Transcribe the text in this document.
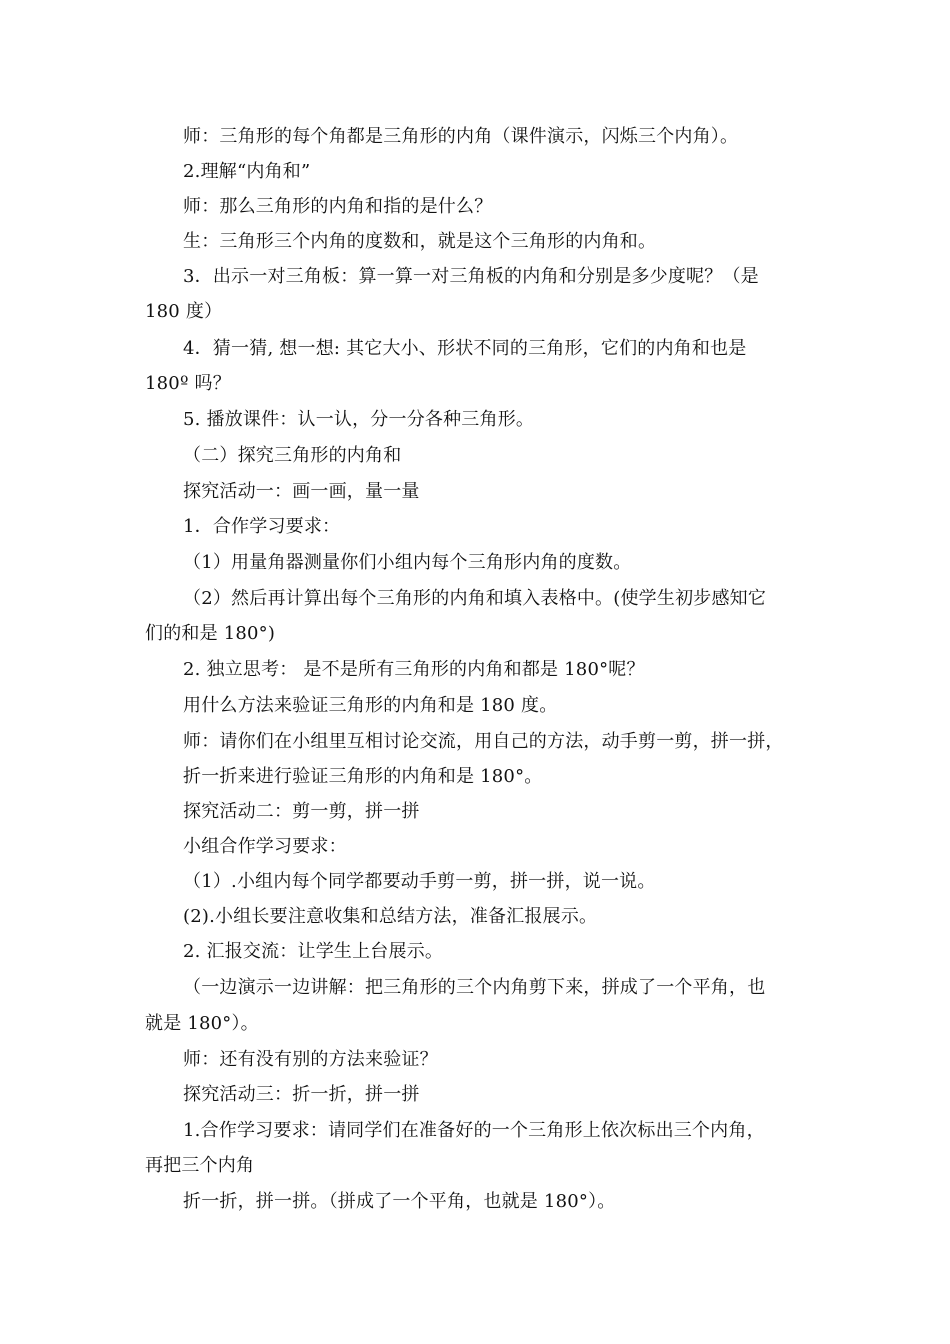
师：三角形的每个角都是三角形的内角（课件演示，闪烁三个内角）。
2.理解“内角和”
师：那么三角形的内角和指的是什么？
生：三角形三个内角的度数和，就是这个三角形的内角和。
3．出示一对三角板：算一算一对三角板的内角和分别是多少度呢？（是
180 度）
4．猜一猜, 想一想: 其它大小、形状不同的三角形，它们的内角和也是
180º 吗？
5. 播放课件：认一认，分一分各种三角形。
（二）探究三角形的内角和
探究活动一：画一画，量一量
1．合作学习要求：
（1）用量角器测量你们小组内每个三角形内角的度数。
（2）然后再计算出每个三角形的内角和填入表格中。(使学生初步感知它
们的和是 180°)
2. 独立思考： 是不是所有三角形的内角和都是 180°呢？
用什么方法来验证三角形的内角和是 180 度。
师：请你们在小组里互相讨论交流，用自己的方法，动手剪一剪，拼一拼，
折一折来进行验证三角形的内角和是 180°。
探究活动二：剪一剪，拼一拼
小组合作学习要求：
（1）.小组内每个同学都要动手剪一剪，拼一拼，说一说。
(2).小组长要注意收集和总结方法，准备汇报展示。
2. 汇报交流：让学生上台展示。
（一边演示一边讲解：把三角形的三个内角剪下来，拼成了一个平角，也
就是 180°）。
师：还有没有别的方法来验证？
探究活动三：折一折，拼一拼
1.合作学习要求：请同学们在准备好的一个三角形上依次标出三个内角，
再把三个内角
折一折，拼一拼。（拼成了一个平角，也就是 180°）。
